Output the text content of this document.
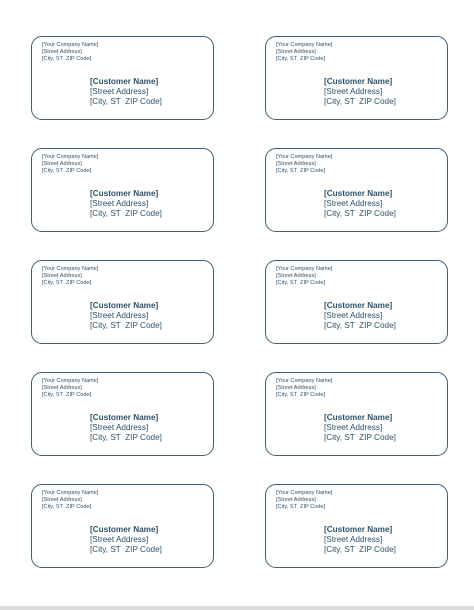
[Your Company Name]
[Street Address]
[City, ST  ZIP Code]
[Customer Name]
[Street Address]
[City, ST  ZIP Code]
[Your Company Name]
[Street Address]
[City, ST  ZIP Code]
[Customer Name]
[Street Address]
[City, ST  ZIP Code]
[Your Company Name]
[Street Address]
[City, ST  ZIP Code]
[Customer Name]
[Street Address]
[City, ST  ZIP Code]
[Your Company Name]
[Street Address]
[City, ST  ZIP Code]
[Customer Name]
[Street Address]
[City, ST  ZIP Code]
[Your Company Name]
[Street Address]
[City, ST  ZIP Code]
[Customer Name]
[Street Address]
[City, ST  ZIP Code]
[Your Company Name]
[Street Address]
[City, ST  ZIP Code]
[Customer Name]
[Street Address]
[City, ST  ZIP Code]
[Your Company Name]
[Street Address]
[City, ST  ZIP Code]
[Customer Name]
[Street Address]
[City, ST  ZIP Code]
[Your Company Name]
[Street Address]
[City, ST  ZIP Code]
[Customer Name]
[Street Address]
[City, ST  ZIP Code]
[Your Company Name]
[Street Address]
[City, ST  ZIP Code]
[Customer Name]
[Street Address]
[City, ST  ZIP Code]
[Your Company Name]
[Street Address]
[City, ST  ZIP Code]
[Customer Name]
[Street Address]
[City, ST  ZIP Code]
